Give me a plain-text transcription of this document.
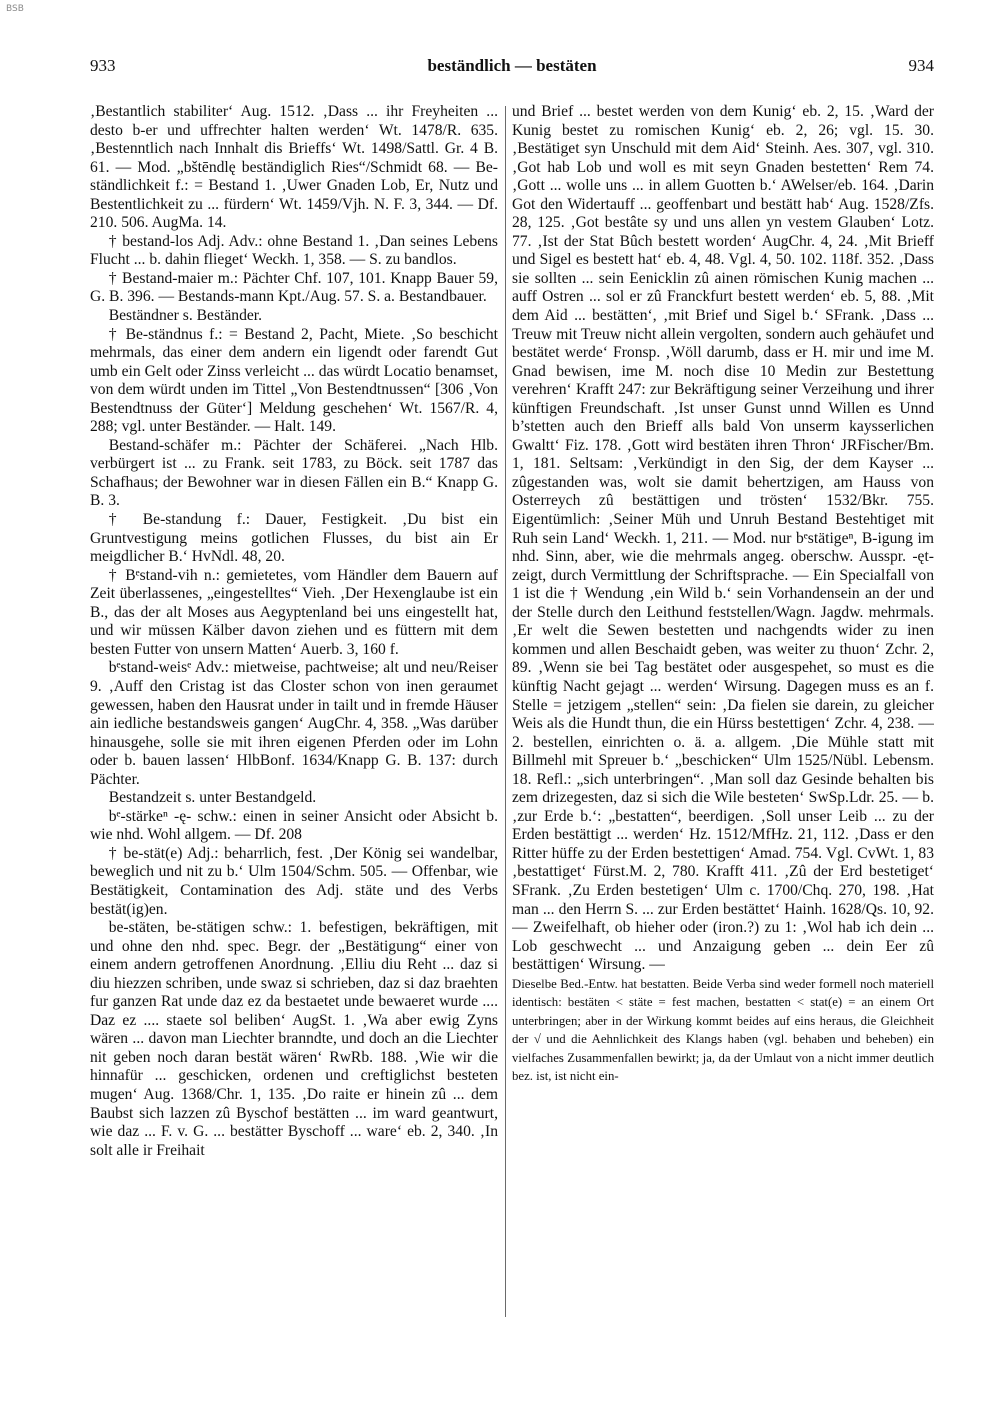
BSB
933	beständlich — bestäten	934

‚Bestantlich stabiliter‘ Aug. 1512. ‚Dass ... ihr Freyheiten ... desto b-er und uffrechter halten werden‘ Wt. 1478/R. 635. ‚Bestenntlich nach Innhalt dis Brieffs‘ Wt. 1498/Sattl. Gr. 4 B. 61. — Mod. „bštēndlę beständiglich Ries“/Schmidt 68. — Be-ständlichkeit f.: = Bestand 1. ‚Uwer Gnaden Lob, Er, Nutz und Bestentlichkeit zu ... fürdern‘ Wt. 1459/Vjh. N. F. 3, 344. — Df. 210. 506. AugMa. 14.

† bestand-los Adj. Adv.: ohne Bestand 1. ‚Dan seines Lebens Flucht ... b. dahin flieget‘ Weckh. 1, 358. — S. zu bandlos.

† Bestand-maier m.: Pächter Chf. 107, 101. Knapp Bauer 59, G. B. 396. — Bestands-mann Kpt./Aug. 57. S. a. Bestandbauer.

Beständner s. Beständer.

† Be-ständnus f.: = Bestand 2, Pacht, Miete. ‚So beschicht mehrmals, das einer dem andern ein ligendt oder farendt Gut umb ein Gelt oder Zinss verleicht ... das würdt Locatio benamset, von dem würdt unden im Tittel „Von Bestendtnussen“ [306 ‚Von Bestendtnuss der Güter‘] Meldung geschehen‘ Wt. 1567/R. 4, 288; vgl. unter Beständer. — Halt. 149.

Bestand-schäfer m.: Pächter der Schäferei. „Nach Hlb. verbürgert ist ... zu Frank. seit 1783, zu Böck. seit 1787 das Schafhaus; der Bewohner war in diesen Fällen ein B.“ Knapp G. B. 3.

† Be-standung f.: Dauer, Festigkeit. ‚Du bist ein Gruntvestigung meins gotlichen Flusses, du bist ain Er meigdlicher B.‘ HvNdl. 48, 20.

† Bᵉstand-vih n.: gemietetes, vom Händler dem Bauern auf Zeit überlassenes, „eingestelltes“ Vieh. ‚Der Hexenglaube ist ein B., das der alt Moses aus Aegyptenland bei uns eingestellt hat, und wir müssen Kälber davon ziehen und es füttern mit dem besten Futter von unsern Matten‘ Auerb. 3, 160 f.

bᵉstand-weisᵉ Adv.: mietweise, pachtweise; alt und neu/Reiser 9. ‚Auff den Cristag ist das Closter schon von inen geraumet gewessen, haben den Hausrat under in tailt und in fremde Häuser ain iedliche bestandsweis gangen‘ AugChr. 4, 358. „Was darüber hinausgehe, solle sie mit ihren eigenen Pferden oder im Lohn oder b. bauen lassen‘ HlbBonf. 1634/Knapp G. B. 137: durch Pächter.

Bestandzeit s. unter Bestandgeld.

bᵉ-stärkeⁿ -ę- schw.: einen in seiner Ansicht oder Absicht b. wie nhd. Wohl allgem. — Df. 208

† be-stät(e) Adj.: beharrlich, fest. ‚Der König sei wandelbar, beweglich und nit zu b.‘ Ulm 1504/Schm. 505. — Offenbar, wie Bestätigkeit, Contamination des Adj. stäte und des Verbs bestät(ig)en.

be-stäten, be-stätigen schw.: 1. befestigen, bekräftigen, mit und ohne den nhd. spec. Begr. der „Bestätigung“ einer von einem andern getroffenen Anordnung. ‚Elliu diu Reht ... daz si diu hiezzen schriben, unde swaz si schrieben, daz si daz braehten fur ganzen Rat unde daz ez da bestaetet unde bewaeret wurde .... Daz ez .... staete sol beliben‘ AugSt. 1. ‚Wa aber ewig Zyns wären ... davon man Liechter branndte, und doch an die Liechter nit geben noch daran bestät wären‘ RwRb. 188. ‚Wie wir die hinnafür ... geschicken, ordenen und creftiglichst besteten mugen‘ Aug. 1368/Chr. 1, 135. ‚Do raite er hinein zû ... dem Baubst sich lazzen zû Byschof bestätten ... im ward geantwurt, wie daz ... F. v. G. ... bestätter Byschoff ... ware‘ eb. 2, 340. ‚In solt alle ir Freihait

und Brief ... bestet werden von dem Kunig‘ eb. 2, 15. ‚Ward der Kunig bestet zu romischen Kunig‘ eb. 2, 26; vgl. 15. 30. ‚Bestätiget syn Unschuld mit dem Aid‘ Steinh. Aes. 307, vgl. 310. ‚Got hab Lob und woll es mit seyn Gnaden bestetten‘ Rem 74. ‚Gott ... wolle uns ... in allem Guotten b.‘ AWelser/eb. 164. ‚Darin Got den Widertauff ... geoffenbart und bestätt hab‘ Aug. 1528/Zfs. 28, 125. ‚Got bestâte sy und uns allen yn vestem Glauben‘ Lotz. 77. ‚Ist der Stat Bûch bestett worden‘ AugChr. 4, 24. ‚Mit Brieff und Sigel es bestett hat‘ eb. 4, 48. Vgl. 4, 50. 102. 118f. 352. ‚Dass sie sollten ... sein Eenicklin zû ainen römischen Kunig machen ... auff Ostren ... sol er zû Franckfurt bestett werden‘ eb. 5, 88. ‚Mit dem Aid ... bestätten‘, ‚mit Brief und Sigel b.‘ SFrank. ‚Dass ... Treuw mit Treuw nicht allein vergolten, sondern auch gehäufet und bestätet werde‘ Fronsp. ‚Wöll darumb, dass er H. mir und ime M. Gnad bewisen, ime M. noch dise 10 Medin zur Bestettung verehren‘ Krafft 247: zur Bekräftigung seiner Verzeihung und ihrer künftigen Freundschaft. ‚Ist unser Gunst unnd Willen es Unnd b’stetten auch den Brieff alls bald Von unserm kaysserlichen Gwaltt‘ Fiz. 178. ‚Gott wird bestäten ihren Thron‘ JRFischer/Bm. 1, 181. Seltsam: ‚Verkündigt in den Sig, der dem Kayser ... zûgestanden was, wolt sie damit behertzigen, am Hauss von Osterreych zû bestättigen und trösten‘ 1532/Bkr. 755. Eigentümlich: ‚Seiner Müh und Unruh Bestand Bestehtiget mit Ruh sein Land‘ Weckh. 1, 211. — Mod. nur bᵉstätigeⁿ, B-igung im nhd. Sinn, aber, wie die mehrmals angeg. oberschw. Ausspr. -ęt- zeigt, durch Vermittlung der Schriftsprache. — Ein Specialfall von 1 ist die † Wendung ‚ein Wild b.‘ sein Vorhandensein an der und der Stelle durch den Leithund feststellen/Wagn. Jagdw. mehrmals. ‚Er welt die Sewen bestetten und nachgendts wider zu inen kommen und allen Beschaidt geben, was weiter zu thuon‘ Zchr. 2, 89. ‚Wenn sie bei Tag bestätet oder ausgespehet, so must es die künftig Nacht gejagt ... werden‘ Wirsung. Dagegen muss es an f. Stelle = jetzigem „stellen“ sein: ‚Da fielen sie darein, zu gleicher Weis als die Hundt thun, die ein Hürss bestettigen‘ Zchr. 4, 238. — 2. bestellen, einrichten o. ä. a. allgem. ‚Die Mühle statt mit Billmehl mit Spreuer b.‘ „beschicken“ Ulm 1525/Nübl. Lebensm. 18. Refl.: „sich unterbringen“. ‚Man soll daz Gesinde behalten bis zem drizegesten, daz si sich die Wile besteten‘ SwSp.Ldr. 25. — b. ‚zur Erde b.‘: „bestatten“, beerdigen. ‚Soll unser Leib ... zu der Erden bestättigt ... werden‘ Hz. 1512/MfHz. 21, 112. ‚Dass er den Ritter hüffe zu der Erden bestettigen‘ Amad. 754. Vgl. CvWt. 1, 83 ‚bestattiget‘ Fürst.M. 2, 780. Krafft 411. ‚Zû der Erd bestetiget‘ SFrank. ‚Zu Erden bestetigen‘ Ulm c. 1700/Chq. 270, 198. ‚Hat man ... den Herrn S. ... zur Erden bestättet‘ Hainh. 1628/Qs. 10, 92. — Zweifelhaft, ob hieher oder (iron.?) zu 1: ‚Wol hab ich dein ... Lob geschwecht ... und Anzaigung geben ... dein Eer zû bestättigen‘ Wirsung. —

Dieselbe Bed.-Entw. hat bestatten. Beide Verba sind weder formell noch materiell identisch: bestäten < stäte = fest machen, bestatten < stat(e) = an einem Ort unterbringen; aber in der Wirkung kommt beides auf eins heraus, die Gleichheit der √ und die Aehnlichkeit des Klangs haben (vgl. behaben und beheben) ein vielfaches Zusammenfallen bewirkt; ja, da der Umlaut von a nicht immer deutlich bez. ist, ist nicht ein-
